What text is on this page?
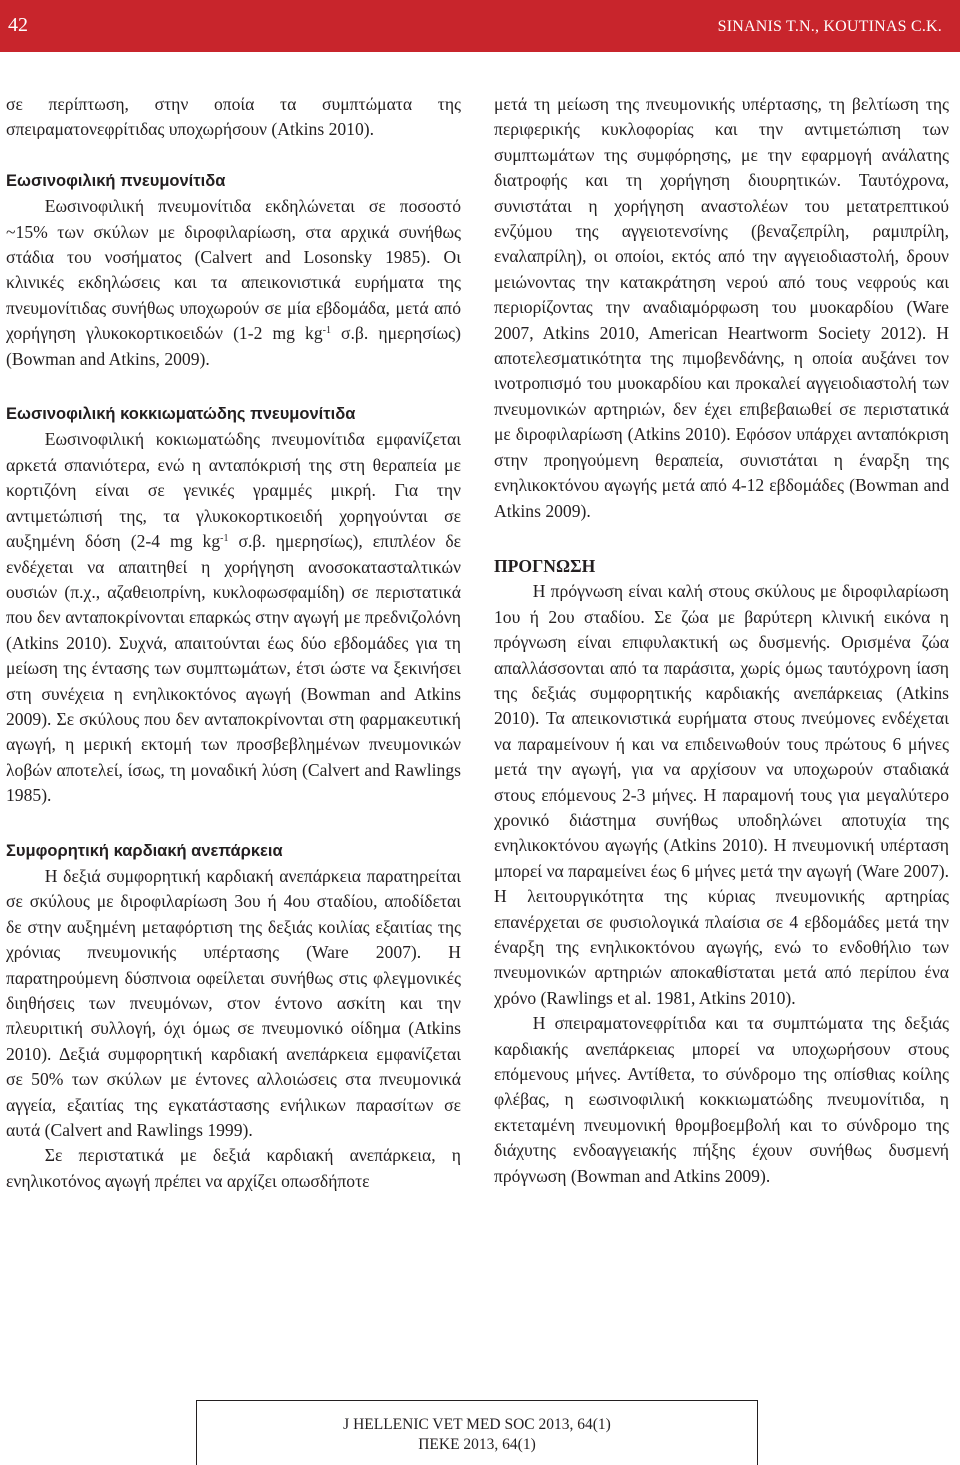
42	SINANIS T.N., KOUTINAS C.K.

σε περίπτωση, στην οποία τα συμπτώματα της σπειραματονεφρίτιδας υποχωρήσουν (Atkins 2010).

Εωσινοφιλική πνευμονίτιδα

Εωσινοφιλική πνευμονίτιδα εκδηλώνεται σε ποσοστό ~15% των σκύλων με διροφιλαρίωση, στα αρχικά συνήθως στάδια του νοσήματος (Calvert and Losonsky 1985). Οι κλινικές εκδηλώσεις και τα απεικονιστικά ευρήματα της πνευμονίτιδας συνήθως υποχωρούν σε μία εβδομάδα, μετά από χορήγηση γλυκοκορτικοειδών (1-2 mg $kg^{-1}$ σ.β. ημερησίως) (Bowman and Atkins, 2009).

Εωσινοφιλική κοκκιωματώδης πνευμονίτιδα

Εωσινοφιλική κοκιωματώδης πνευμονίτιδα εμφανίζεται αρκετά σπανιότερα, ενώ η ανταπόκρισή της στη θεραπεία με κορτιζόνη είναι σε γενικές γραμμές μικρή. Για την αντιμετώπισή της, τα γλυκοκορτικοειδή χορηγούνται σε αυξημένη δόση (2-4 mg $kg^{-1}$ σ.β. ημερησίως), επιπλέον δε ενδέχεται να απαιτηθεί η χορήγηση ανοσοκατασταλτικών ουσιών (π.χ., αζαθειοπρίνη, κυκλοφωσφαμίδη) σε περιστατικά που δεν ανταποκρίνονται επαρκώς στην αγωγή με πρεδνιζολόνη (Atkins 2010). Συχνά, απαιτούνται έως δύο εβδομάδες για τη μείωση της έντασης των συμπτωμάτων, έτσι ώστε να ξεκινήσει στη συνέχεια η ενηλικοκτόνος αγωγή (Bowman and Atkins 2009). Σε σκύλους που δεν ανταποκρίνονται στη φαρμακευτική αγωγή, η μερική εκτομή των προσβεβλημένων πνευμονικών λοβών αποτελεί, ίσως, τη μοναδική λύση (Calvert and Rawlings 1985).

Συμφορητική καρδιακή ανεπάρκεια

Η δεξιά συμφορητική καρδιακή ανεπάρκεια παρατηρείται σε σκύλους με διροφιλαρίωση 3ου ή 4ου σταδίου, αποδίδεται δε στην αυξημένη μεταφόρτιση της δεξιάς κοιλίας εξαιτίας της χρόνιας πνευμονικής υπέρτασης (Ware 2007). Η παρατηρούμενη δύσπνοια οφείλεται συνήθως στις φλεγμονικές διηθήσεις των πνευμόνων, στον έντονο ασκίτη και την πλευριτική συλλογή, όχι όμως σε πνευμονικό οίδημα (Atkins 2010). Δεξιά συμφορητική καρδιακή ανεπάρκεια εμφανίζεται σε 50% των σκύλων με έντονες αλλοιώσεις στα πνευμονικά αγγεία, εξαιτίας της εγκατάστασης ενήλικων παρασίτων σε αυτά (Calvert and Rawlings 1999).

Σε περιστατικά με δεξιά καρδιακή ανεπάρκεια, η ενηλικοτόνος αγωγή πρέπει να αρχίζει οπωσδήποτε

μετά τη μείωση της πνευμονικής υπέρτασης, τη βελτίωση της περιφερικής κυκλοφορίας και την αντιμετώπιση των συμπτωμάτων της συμφόρησης, με την εφαρμογή ανάλατης διατροφής και τη χορήγηση διουρητικών. Ταυτόχρονα, συνιστάται η χορήγηση αναστολέων του μετατρεπτικού ενζύμου της αγγειοτενσίνης (βεναζεπρίλη, ραμιπρίλη, εναλαπρίλη), οι οποίοι, εκτός από την αγγειοδιαστολή, δρουν μειώνοντας την κατακράτηση νερού από τους νεφρούς και περιορίζοντας την αναδιαμόρφωση του μυοκαρδίου (Ware 2007, Atkins 2010, American Heartworm Society 2012). Η αποτελεσματικότητα της πιμοβενδάνης, η οποία αυξάνει τον ινοτροπισμό του μυοκαρδίου και προκαλεί αγγειοδιαστολή των πνευμονικών αρτηριών, δεν έχει επιβεβαιωθεί σε περιστατικά με διροφιλαρίωση (Atkins 2010). Εφόσον υπάρχει ανταπόκριση στην προηγούμενη θεραπεία, συνιστάται η έναρξη της ενηλικοκτόνου αγωγής μετά από 4-12 εβδομάδες (Bowman and Atkins 2009).

ΠΡΟΓΝΩΣΗ

Η πρόγνωση είναι καλή στους σκύλους με διροφιλαρίωση 1ου ή 2ου σταδίου. Σε ζώα με βαρύτερη κλινική εικόνα η πρόγνωση είναι επιφυλακτική ως δυσμενής. Ορισμένα ζώα απαλλάσσονται από τα παράσιτα, χωρίς όμως ταυτόχρονη ίαση της δεξιάς συμφορητικής καρδιακής ανεπάρκειας (Atkins 2010). Τα απεικονιστικά ευρήματα στους πνεύμονες ενδέχεται να παραμείνουν ή και να επιδεινωθούν τους πρώτους 6 μήνες μετά την αγωγή, για να αρχίσουν να υποχωρούν σταδιακά στους επόμενους 2-3 μήνες. Η παραμονή τους για μεγαλύτερο χρονικό διάστημα συνήθως υποδηλώνει αποτυχία της ενηλικοκτόνου αγωγής (Atkins 2010). Η πνευμονική υπέρταση μπορεί να παραμείνει έως 6 μήνες μετά την αγωγή (Ware 2007). Η λειτουργικότητα της κύριας πνευμονικής αρτηρίας επανέρχεται σε φυσιολογικά πλαίσια σε 4 εβδομάδες μετά την έναρξη της ενηλικοκτόνου αγωγής, ενώ το ενδοθήλιο των πνευμονικών αρτηριών αποκαθίσταται μετά από περίπου ένα χρόνο (Rawlings et al. 1981, Atkins 2010).

Η σπειραματονεφρίτιδα και τα συμπτώματα της δεξιάς καρδιακής ανεπάρκειας μπορεί να υποχωρήσουν στους επόμενους μήνες. Αντίθετα, το σύνδρομο της οπίσθιας κοίλης φλέβας, η εωσινοφιλική κοκκιωματώδης πνευμονίτιδα, η εκτεταμένη πνευμονική θρομβοεμβολή και το σύνδρομο της διάχυτης ενδοαγγειακής πήξης έχουν συνήθως δυσμενή πρόγνωση (Bowman and Atkins 2009).

J HELLENIC VET MED SOC 2013, 64(1)

ΠΕΚΕ 2013, 64(1)
